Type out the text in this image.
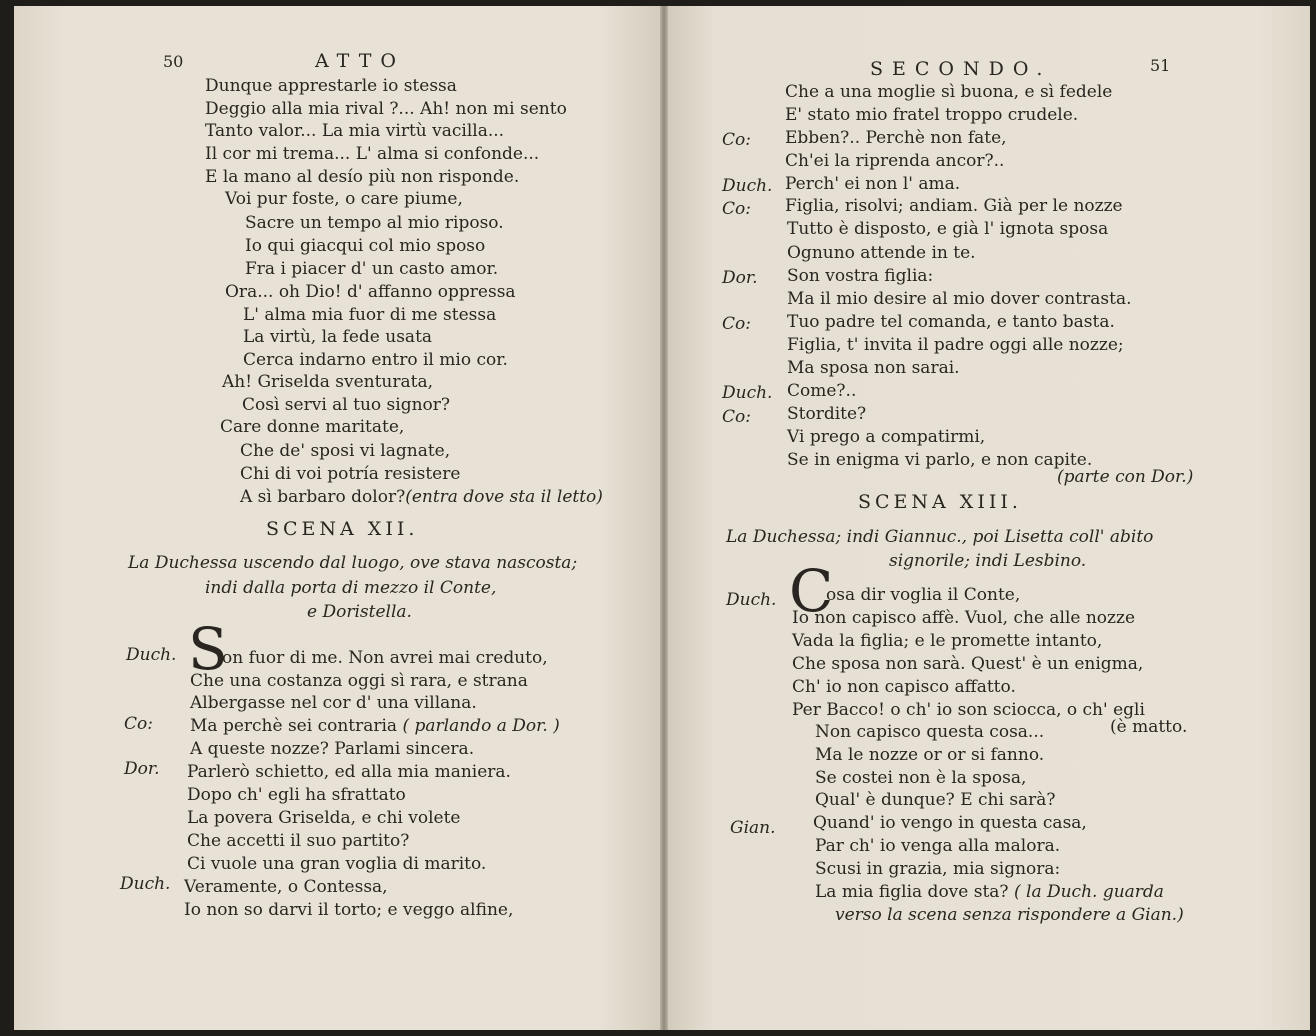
50	ATTO
Dunque apprestarle io stessa
Deggio alla mia rival ?... Ah! non mi sento
Tanto valor... La mia virtù vacilla...
Il cor mi trema... L' alma si confonde...
E la mano al desío più non risponde.
Voi pur foste, o care piume,
Sacre un tempo al mio riposo.
Io qui giacqui col mio sposo
Fra i piacer d' un casto amor.
Ora... oh Dio! d' affanno oppressa
L' alma mia fuor di me stessa
La virtù, la fede usata
Cerca indarno entro il mio cor.
Ah! Griselda sventurata,
Così servi al tuo signor?
Care donne maritate,
Che de' sposi vi lagnate,
Chi di voi potría resistere
A sì barbaro dolor?(entra dove sta il letto)
SCENA XII.
La Duchessa uscendo dal luogo, ove stava nascosta;
indi dalla porta di mezzo il Conte,
e Doristella.
Duch. S
on fuor di me. Non avrei mai creduto,
Che una costanza oggi sì rara, e strana
Albergasse nel cor d' una villana.
Co: Ma perchè sei contraria ( parlando a Dor. )
A queste nozze? Parlami sincera.
Dor. Parlerò schietto, ed alla mia maniera.
Dopo ch' egli ha sfrattato
La povera Griselda, e chi volete
Che accetti il suo partito?
Ci vuole una gran voglia di marito.
Duch. Veramente, o Contessa,
Io non so darvi il torto; e veggo alfine,
SECONDO.	51
Che a una moglie sì buona, e sì fedele
E' stato mio fratel troppo crudele.
Co: Ebben?.. Perchè non fate,
Ch'ei la riprenda ancor?..
Duch. Perch' ei non l' ama.
Co: Figlia, risolvi; andiam. Già per le nozze
Tutto è disposto, e già l' ignota sposa
Ognuno attende in te.
Dor. Son vostra figlia:
Ma il mio desire al mio dover contrasta.
Co: Tuo padre tel comanda, e tanto basta.
Figlia, t' invita il padre oggi alle nozze;
Ma sposa non sarai.
Duch. Come?..
Co: Stordite?
Vi prego a compatirmi,
Se in enigma vi parlo, e non capite.
(parte con Dor.)
SCENA XIII.
La Duchessa; indi Giannuc., poi Lisetta coll' abito
signorile; indi Lesbino.
Duch. C
osa dir voglia il Conte,
Io non capisco affè. Vuol, che alle nozze
Vada la figlia; e le promette intanto,
Che sposa non sarà. Quest' è un enigma,
Ch' io non capisco affatto.
Per Bacco! o ch' io son sciocca, o ch' egli
Non capisco questa cosa...	(è matto.
Ma le nozze or or si fanno.
Se costei non è la sposa,
Qual' è dunque? E chi sarà?
Gian. Quand' io vengo in questa casa,
Par ch' io venga alla malora.
Scusi in grazia, mia signora:
La mia figlia dove sta? ( la Duch. guarda
verso la scena senza rispondere a Gian.)
